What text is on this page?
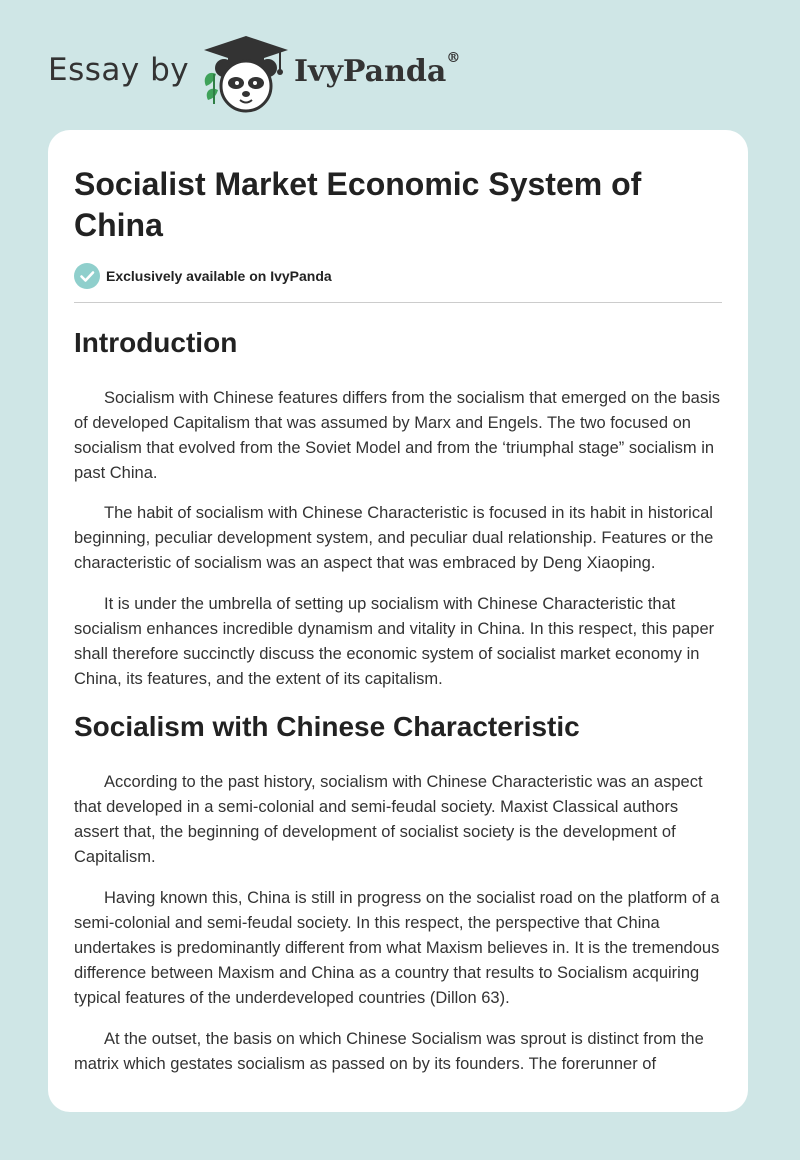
Essay by	IvyPanda®
Socialist Market Economic System of China
Exclusively available on IvyPanda
Introduction

Socialism with Chinese features differs from the socialism that emerged on the basis of developed Capitalism that was assumed by Marx and Engels. The two focused on socialism that evolved from the Soviet Model and from the ‘triumphal stage” socialism in past China.

The habit of socialism with Chinese Characteristic is focused in its habit in historical beginning, peculiar development system, and peculiar dual relationship. Features or the characteristic of socialism was an aspect that was embraced by Deng Xiaoping.

It is under the umbrella of setting up socialism with Chinese Characteristic that socialism enhances incredible dynamism and vitality in China. In this respect, this paper shall therefore succinctly discuss the economic system of socialist market economy in China, its features, and the extent of its capitalism.

Socialism with Chinese Characteristic

According to the past history, socialism with Chinese Characteristic was an aspect that developed in a semi-colonial and semi-feudal society. Maxist Classical authors assert that, the beginning of development of socialist society is the development of Capitalism.

Having known this, China is still in progress on the socialist road on the platform of a semi-colonial and semi-feudal society. In this respect, the perspective that China undertakes is predominantly different from what Maxism believes in. It is the tremendous difference between Maxism and China as a country that results to Socialism acquiring typical features of the underdeveloped countries (Dillon 63).

At the outset, the basis on which Chinese Socialism was sprout is distinct from the matrix which gestates socialism as passed on by its founders. The forerunner of
